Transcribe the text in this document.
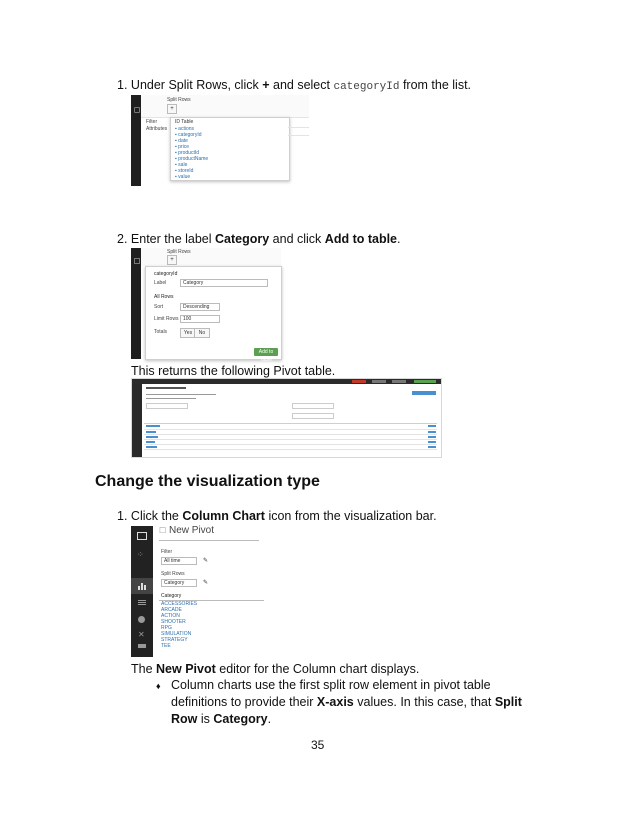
1. Under Split Rows, click + and select categoryId from the list.
Split Rows
+
Filter
Attributes
ID Table
▪ actions
▪ categoryId
▪ date
▪ price
▪ productId
▪ productName
▪ sale
▪ storeId
▪ value
2. Enter the label Category and click Add to table.
Split Rows
+
categoryId
Label	Category
All Rows
Sort	Descending
Limit Rows 100
Totals	Yes	No
Add to Table
This returns the following Pivot table.
Change the visualization type
1. Click the Column Chart icon from the visualization bar.
⁘
✕
☐ New Pivot
Filter
All time	✎
Split Rows
Category	✎
Category
ACCESSORIES
ARCADE
ACTION
SHOOTER
RPG
SIMULATION
STRATEGY
TEE
The New Pivot editor for the Column chart displays.
♦ Column charts use the first split row element in pivot table
definitions to provide their X-axis values. In this case, that Split
Row is Category.
35
